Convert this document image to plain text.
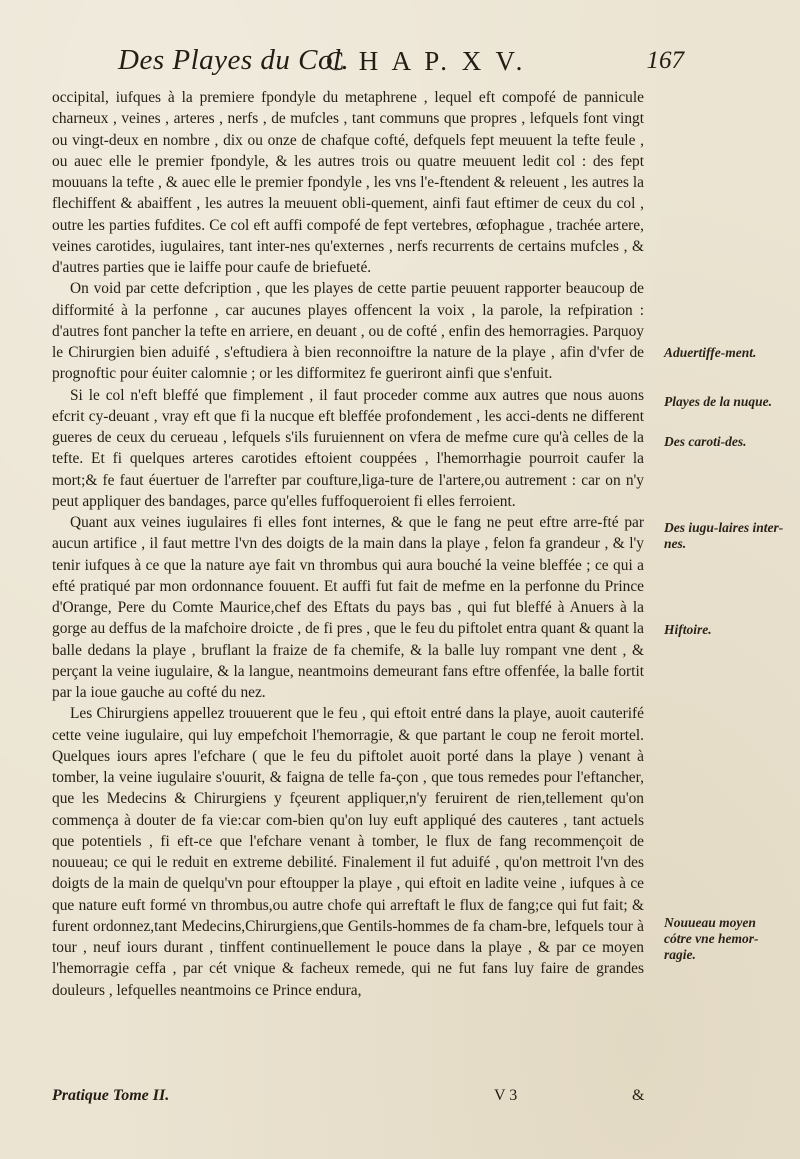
Des Playes du Col.
C H A P. X V.	167

occipital, iufques à la premiere fpondyle du metaphrene , lequel eft compofé de pannicule charneux , veines , arteres , nerfs , de mufcles , tant communs que propres , lefquels font vingt ou vingt-deux en nombre , dix ou onze de chafque cofté, defquels fept meuuent la tefte feule , ou auec elle le premier fpondyle, & les autres trois ou quatre meuuent ledit col : des fept mouuans la tefte , & auec elle le premier fpondyle , les vns l'e-ftendent & releuent , les autres la flechiffent & abaiffent , les autres la meuuent obli-quement, ainfi faut eftimer de ceux du col , outre les parties fufdites. Ce col eft auffi compofé de fept vertebres, œfophague , trachée artere, veines carotides, iugulaires, tant inter-nes qu'externes , nerfs recurrents de certains mufcles , & d'autres parties que ie laiffe pour caufe de briefueté.

On void par cette defcription , que les playes de cette partie peuuent rapporter beaucoup de difformité à la perfonne , car aucunes playes offencent la voix , la parole, la refpiration : d'autres font pancher la tefte en arriere, en deuant , ou de cofté , enfin des hemorragies. Parquoy le Chirurgien bien aduifé , s'eftudiera à bien reconnoiftre la nature de la playe , afin d'vfer de prognoftic pour éuiter calomnie ; or les difformitez fe gueriront ainfi que s'enfuit.

Si le col n'eft bleffé que fimplement , il faut proceder comme aux autres que nous auons efcrit cy-deuant , vray eft que fi la nucque eft bleffée profondement , les acci-dents ne different gueres de ceux du cerueau , lefquels s'ils furuiennent on vfera de mefme cure qu'à celles de la tefte. Et fi quelques arteres carotides eftoient couppées , l'hemorrhagie pourroit caufer la mort;& fe faut éuertuer de l'arrefter par coufture,liga-ture de l'artere,ou autrement : car on n'y peut appliquer des bandages, parce qu'elles fuffoqueroient fi elles ferroient.

Quant aux veines iugulaires fi elles font internes, & que le fang ne peut eftre arre-fté par aucun artifice , il faut mettre l'vn des doigts de la main dans la playe , felon fa grandeur , & l'y tenir iufques à ce que la nature aye fait vn thrombus qui aura bouché la veine bleffée ; ce qui a efté pratiqué par mon ordonnance fouuent. Et auffi fut fait de mefme en la perfonne du Prince d'Orange, Pere du Comte Maurice,chef des Eftats du pays bas , qui fut bleffé à Anuers à la gorge au deffus de la mafchoire droicte , de fi pres , que le feu du piftolet entra quant & quant la balle dedans la playe , bruflant la fraize de fa chemife, & la balle luy rompant vne dent , & perçant la veine iugulaire, & la langue, neantmoins demeurant fans eftre offenfée, la balle fortit par la ioue gauche au cofté du nez.

Les Chirurgiens appellez trouuerent que le feu , qui eftoit entré dans la playe, auoit cauterifé cette veine iugulaire, qui luy empefchoit l'hemorragie, & que partant le coup ne feroit mortel. Quelques iours apres l'efchare ( que le feu du piftolet auoit porté dans la playe ) venant à tomber, la veine iugulaire s'ouurit, & faigna de telle fa-çon , que tous remedes pour l'eftancher, que les Medecins & Chirurgiens y fçeurent appliquer,n'y feruirent de rien,tellement qu'on commença à douter de fa vie:car com-bien qu'on luy euft appliqué des cauteres , tant actuels que potentiels , fi eft-ce que l'efchare venant à tomber, le flux de fang recommençoit de nouueau; ce qui le reduit en extreme debilité. Finalement il fut aduifé , qu'on mettroit l'vn des doigts de la main de quelqu'vn pour eftoupper la playe , qui eftoit en ladite veine , iufques à ce que nature euft formé vn thrombus,ou autre chofe qui arreftaft le flux de fang;ce qui fut fait; & furent ordonnez,tant Medecins,Chirurgiens,que Gentils-hommes de fa cham-bre, lefquels tour à tour , neuf iours durant , tinffent continuellement le pouce dans la playe , & par ce moyen l'hemorragie ceffa , par cét vnique & facheux remede, qui ne fut fans luy faire de grandes douleurs , lefquelles neantmoins ce Prince endura,

Aduertiffe-ment.
Playes de la nuque.
Des caroti-des.
Des iugu-laires inter-nes.
Hiftoire.
Nouueau moyen cótre vne hemor-ragie.
Pratique Tome II.	V 3	&
